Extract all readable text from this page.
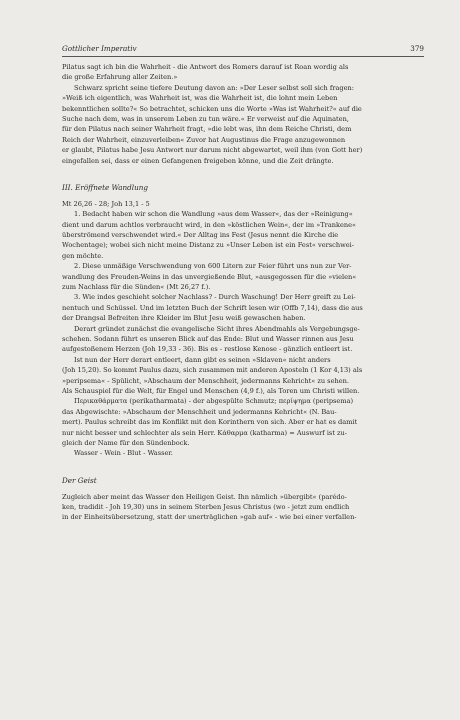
Gottlicher Imperativ	379
Pilatus sagt ich bin die Wahrheit - die Antwort des Romers darauf ist Roan wordig als
die große Erfahrung aller Zeiten.»
Schwarz spricht seine tiefere Deutung davon an: »Der Leser selbst soll sich fragen:
»Weiß ich eigentlich, was Wahrheit ist, was die Wahrheit ist, die lohnt mein Leben
bekenntlichen sollte?« So betrachtet, schicken uns die Worte »Was ist Wahrheit?« auf die
Suche nach dem, was in unserem Leben zu tun wäre.« Er verweist auf die Aquinaten,
für den Pilatus nach seiner Wahrheit fragt, »die lebt was, ihn dem Reiche Christi, dem
Reich der Wahrheit, einzuverleiben« Zuvor hat Augustinus die Frage anzugewonnen
er glaubt, Pilatus habe Jesu Antwort nur darum nicht abgewartet, weil ihm (von Gott her)
eingefallen sei, dass er einen Gefangenen freigeben könne, und die Zeit drängte.
III. Eröffnete Wandlung
Mt 26,26 - 28; Joh 13,1 - 5
1. Bedacht haben wir schon die Wandlung »aus dem Wasser«, das der »Reinigung«
dient und darum achtlos verbraucht wird, in den »köstlichen Wein«, der im »Trankene«
überströmend verschwendet wird.« Der Alltag ins Fest (Jesus nennt die Kirche die
Wochentage); wobei sich nicht meine Distanz zu »Unser Leben ist ein Fest« verschwei-
gen möchte.
2. Diese unmäßige Verschwendung von 600 Litern zur Feier führt uns nun zur Ver-
wandlung des Freuden-Weins in das unvergießende Blut, »ausgegossen für die »vielen«
zum Nachlass für die Sünden« (Mt 26,27 f.).
3. Wie indes geschieht solcher Nachlass? - Durch Waschung! Der Herr greift zu Lei-
nentuch und Schüssel. Und im letzten Buch der Schrift lesen wir (Offb 7,14), dass die aus
der Drangsal Befreiten ihre Kleider im Blut Jesu weiß gewaschen haben.
Derart gründet zunächst die evangelische Sicht ihres Abendmahls als Vergebungsge-
schehen. Sodann führt es unseren Blick auf das Ende: Blut und Wasser rinnen aus Jesu
aufgestoßenem Herzen (Joh 19,33 - 36). Bis es - restlose Kenose - gänzlich entleert ist.
Ist nun der Herr derart entleert, dann gibt es seinen »Sklaven« nicht anders
(Joh 15,20). So kommt Paulus dazu, sich zusammen mit anderen Aposteln (1 Kor 4,13) als
»peripsema« - Spülicht, »Abschaum der Menschheit, jedermanns Kehricht« zu sehen.
Als Schauspiel für die Welt, für Engel und Menschen (4,9 f.), als Toren um Christi willen.
Περικαθάρματα (perikatharmata) - der abgespülte Schmutz; περίψημα (peripsema)
das Abgewischte: »Abschaum der Menschheit und jedermanns Kehricht« (N. Bau-
mert). Paulus schreibt das im Konflikt mit den Korinthern von sich. Aber er hat es damit
nur nicht besser und schlechter als sein Herr. Kάθαρμα (katharma) = Auswurf ist zu-
gleich der Name für den Sündenbock.
Wasser - Wein - Blut - Wasser.
Der Geist
Zugleich aber meint das Wasser den Heiligen Geist. Ihn nämlich »übergibt« (parédo-
ken, tradidit - Joh 19,30) uns in seinem Sterben Jesus Christus (wo - jetzt zum endlich
in der Einheitsübersetzung, statt der unerträglichen »gab auf« - wie bei einer verfallen-
